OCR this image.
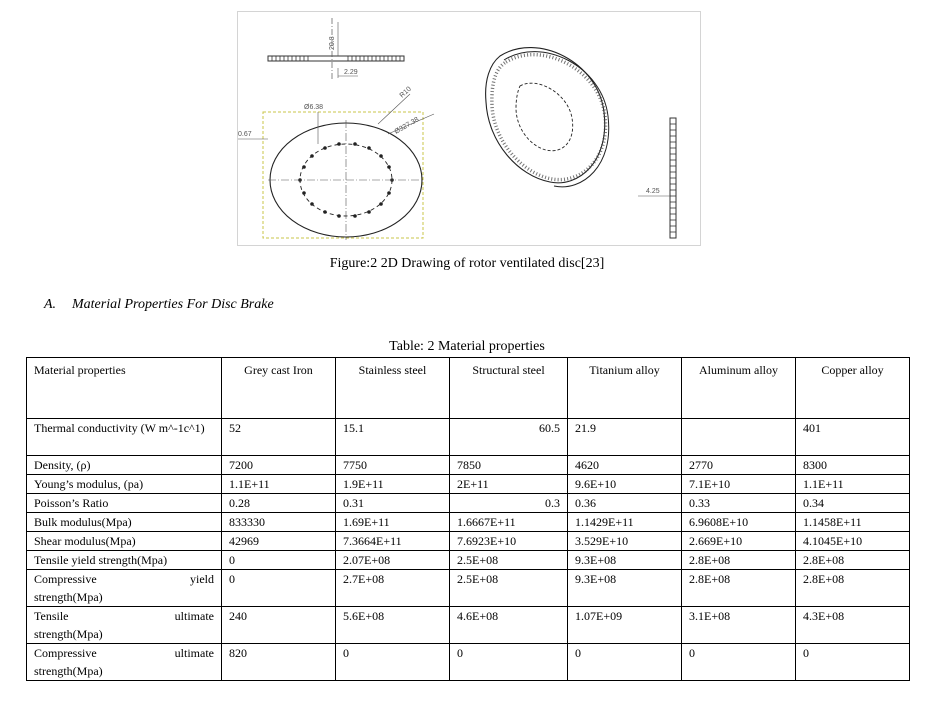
20.8
2.29
0.67
Ø6.38
R10
Ø327.38
4.25
Figure:2 2D Drawing of rotor ventilated disc[23]
A. Material Properties For Disc Brake
Table: 2 Material properties
Material properties	Grey cast Iron	Stainless steel	Structural steel	Titanium alloy	Aluminum alloy	Copper alloy
Thermal conductivity (W m^-1c^1)	52	15.1	60.5	21.9		401
Density, (ρ)	7200	7750	7850	4620	2770	8300
Young’s modulus, (pa)	1.1E+11	1.9E+11	2E+11	9.6E+10	7.1E+10	1.1E+11
Poisson’s Ratio	0.28	0.31	0.3	0.36	0.33	0.34
Bulk modulus(Mpa)	833330	1.69E+11	1.6667E+11	1.1429E+11	6.9608E+10	1.1458E+11
Shear modulus(Mpa)	42969	7.3664E+11	7.6923E+10	3.529E+10	2.669E+10	4.1045E+10
Tensile yield strength(Mpa)	0	2.07E+08	2.5E+08	9.3E+08	2.8E+08	2.8E+08

Compressive yield
strength(Mpa)	0	2.7E+08	2.5E+08	9.3E+08	2.8E+08	2.8E+08

Tensile ultimate
strength(Mpa)	240	5.6E+08	4.6E+08	1.07E+09	3.1E+08	4.3E+08

Compressive ultimate
strength(Mpa)	820	0	0	0	0	0
